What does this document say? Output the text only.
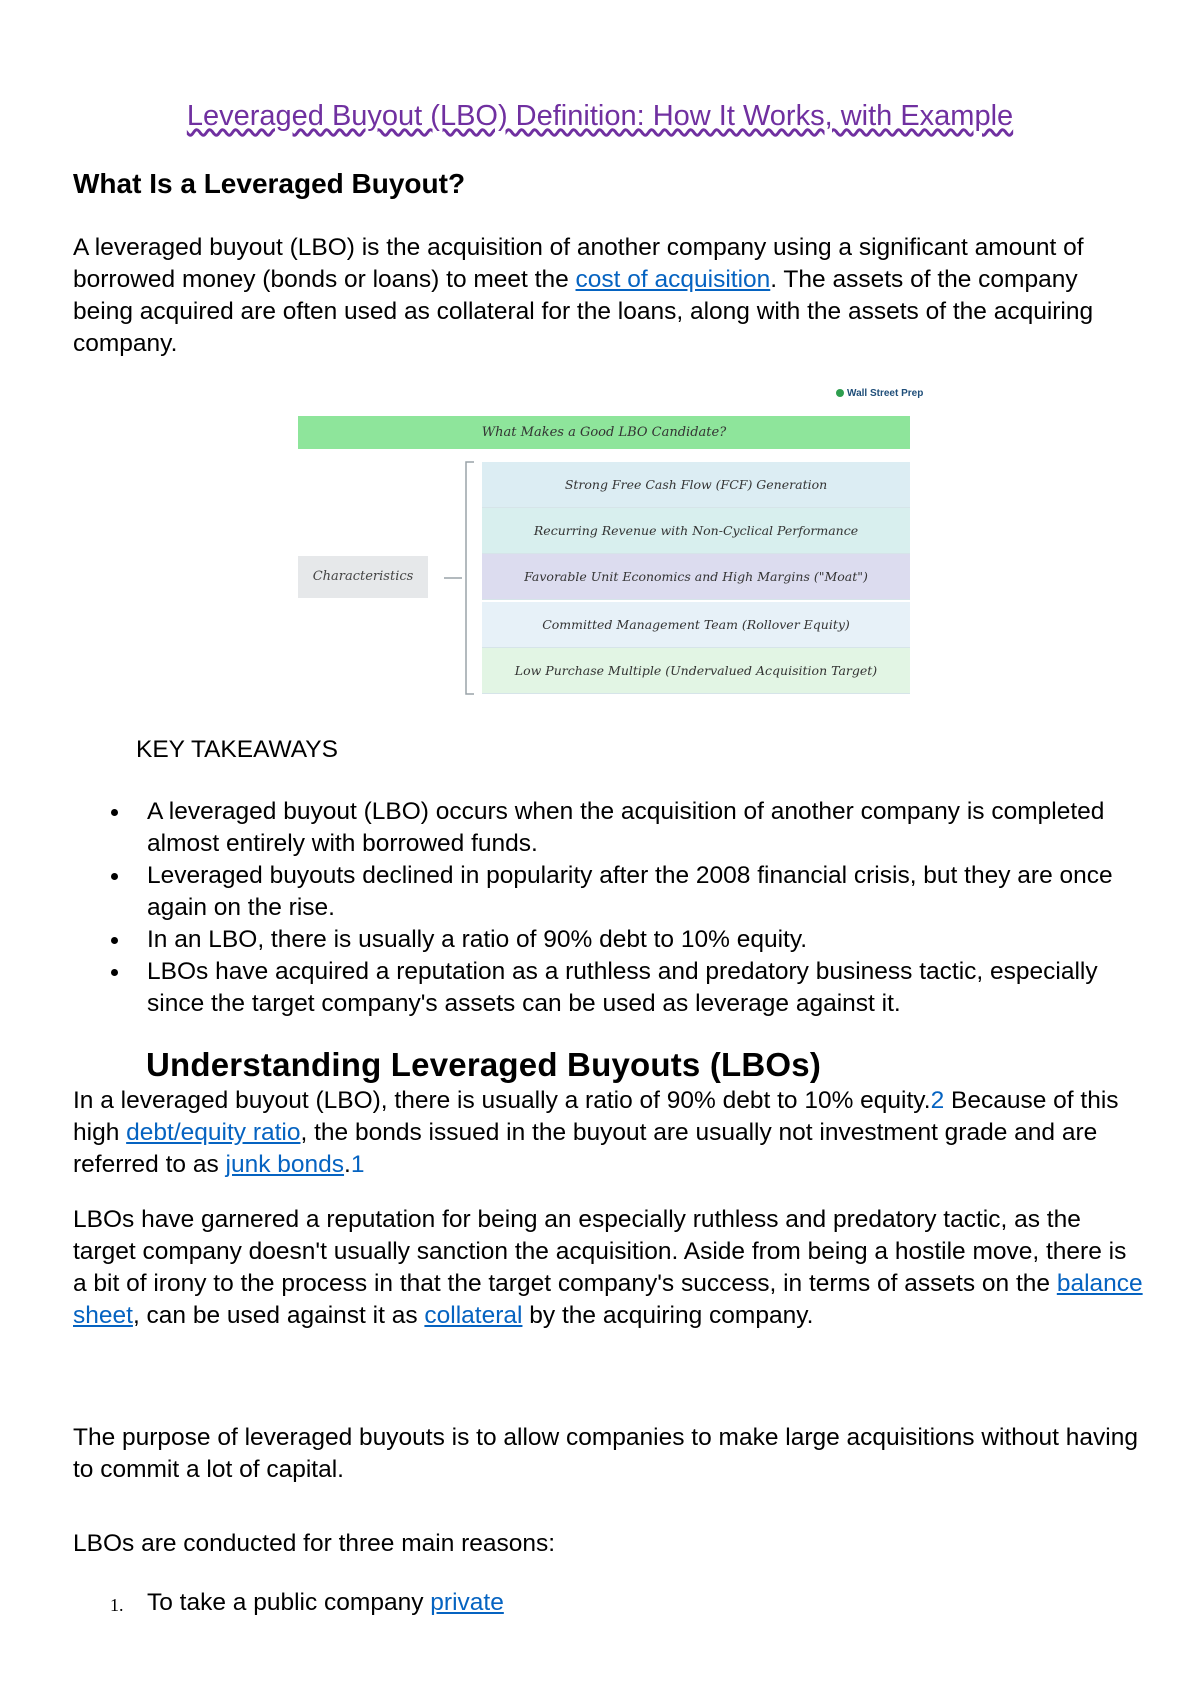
Leveraged Buyout (LBO) Definition: How It Works, with Example
What Is a Leveraged Buyout?
A leveraged buyout (LBO) is the acquisition of another company using a significant amount of borrowed money (bonds or loans) to meet the cost of acquisition. The assets of the company being acquired are often used as collateral for the loans, along with the assets of the acquiring company.
Wall Street Prep
What Makes a Good LBO Candidate?
Characteristics
Strong Free Cash Flow (FCF) Generation
Recurring Revenue with Non-Cyclical Performance
Favorable Unit Economics and High Margins ("Moat")
Committed Management Team (Rollover Equity)
Low Purchase Multiple (Undervalued Acquisition Target)
KEY TAKEAWAYS
A leveraged buyout (LBO) occurs when the acquisition of another company is completed almost entirely with borrowed funds.
Leveraged buyouts declined in popularity after the 2008 financial crisis, but they are once again on the rise.
In an LBO, there is usually a ratio of 90% debt to 10% equity.
LBOs have acquired a reputation as a ruthless and predatory business tactic, especially since the target company's assets can be used as leverage against it.
Understanding Leveraged Buyouts (LBOs)
In a leveraged buyout (LBO), there is usually a ratio of 90% debt to 10% equity.2 Because of this high debt/equity ratio, the bonds issued in the buyout are usually not investment grade and are referred to as junk bonds.1
LBOs have garnered a reputation for being an especially ruthless and predatory tactic, as the target company doesn't usually sanction the acquisition. Aside from being a hostile move, there is a bit of irony to the process in that the target company's success, in terms of assets on the balance sheet, can be used against it as collateral by the acquiring company.
The purpose of leveraged buyouts is to allow companies to make large acquisitions without having to commit a lot of capital.
LBOs are conducted for three main reasons:
1. To take a public company private
